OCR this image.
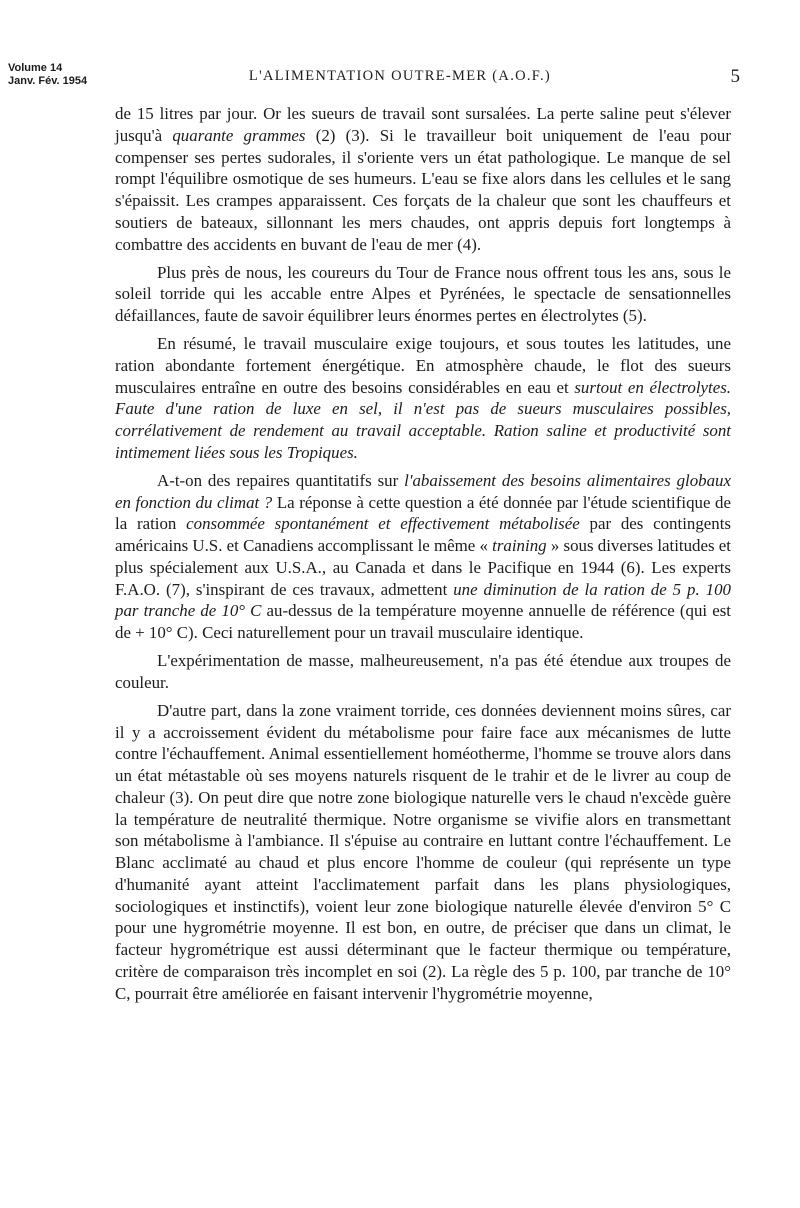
Volume 14
Janv. Fév. 1954	L'ALIMENTATION OUTRE-MER (A.O.F.)	5

de 15 litres par jour. Or les sueurs de travail sont sursalées. La perte saline peut s'élever jusqu'à quarante grammes (2) (3). Si le travailleur boit uniquement de l'eau pour compenser ses pertes sudorales, il s'oriente vers un état pathologique. Le manque de sel rompt l'équilibre osmotique de ses humeurs. L'eau se fixe alors dans les cellules et le sang s'épaissit. Les crampes apparaissent. Ces forçats de la chaleur que sont les chauffeurs et soutiers de bateaux, sillonnant les mers chaudes, ont appris depuis fort longtemps à combattre des accidents en buvant de l'eau de mer (4).

Plus près de nous, les coureurs du Tour de France nous offrent tous les ans, sous le soleil torride qui les accable entre Alpes et Pyrénées, le spectacle de sensationnelles défaillances, faute de savoir équilibrer leurs énormes pertes en électrolytes (5).

En résumé, le travail musculaire exige toujours, et sous toutes les latitudes, une ration abondante fortement énergétique. En atmosphère chaude, le flot des sueurs musculaires entraîne en outre des besoins considérables en eau et surtout en électrolytes. Faute d'une ration de luxe en sel, il n'est pas de sueurs musculaires possibles, corrélativement de rendement au travail acceptable. Ration saline et productivité sont intimement liées sous les Tropiques.

A-t-on des repaires quantitatifs sur l'abaissement des besoins alimentaires globaux en fonction du climat ? La réponse à cette question a été donnée par l'étude scientifique de la ration consommée spontanément et effectivement métabolisée par des contingents américains U.S. et Canadiens accomplissant le même « training » sous diverses latitudes et plus spécialement aux U.S.A., au Canada et dans le Pacifique en 1944 (6). Les experts F.A.O. (7), s'inspirant de ces travaux, admettent une diminution de la ration de 5 p. 100 par tranche de 10° C au-dessus de la température moyenne annuelle de référence (qui est de + 10° C). Ceci naturellement pour un travail musculaire identique.

L'expérimentation de masse, malheureusement, n'a pas été étendue aux troupes de couleur.

D'autre part, dans la zone vraiment torride, ces données deviennent moins sûres, car il y a accroissement évident du métabolisme pour faire face aux mécanismes de lutte contre l'échauffement. Animal essentiellement homéotherme, l'homme se trouve alors dans un état métastable où ses moyens naturels risquent de le trahir et de le livrer au coup de chaleur (3). On peut dire que notre zone biologique naturelle vers le chaud n'excède guère la température de neutralité thermique. Notre organisme se vivifie alors en transmettant son métabolisme à l'ambiance. Il s'épuise au contraire en luttant contre l'échauffement. Le Blanc acclimaté au chaud et plus encore l'homme de couleur (qui représente un type d'humanité ayant atteint l'acclimatement parfait dans les plans physiologiques, sociologiques et instinctifs), voient leur zone biologique naturelle élevée d'environ 5° C pour une hygrométrie moyenne. Il est bon, en outre, de préciser que dans un climat, le facteur hygrométrique est aussi déterminant que le facteur thermique ou température, critère de comparaison très incomplet en soi (2). La règle des 5 p. 100, par tranche de 10° C, pourrait être améliorée en faisant intervenir l'hygrométrie moyenne,
